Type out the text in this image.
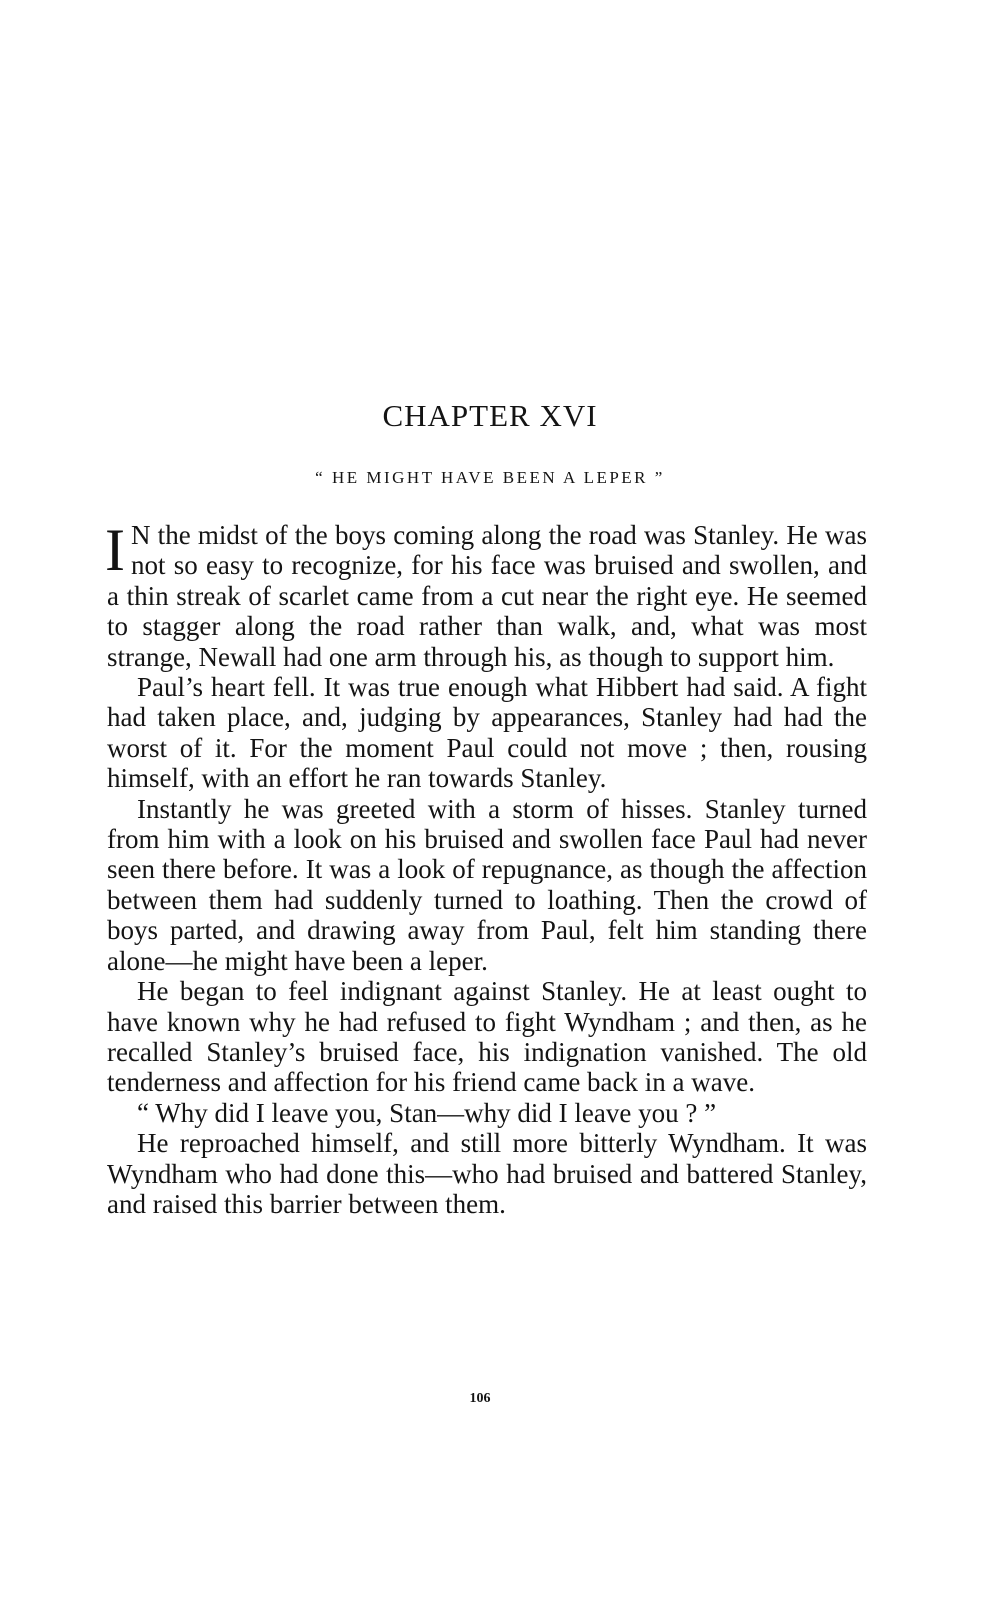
CHAPTER XVI
“ HE MIGHT HAVE BEEN A LEPER ”

I N the midst of the boys coming along the road was Stanley. He was not so easy to recognize, for his face was bruised and swollen, and a thin streak of scarlet came from a cut near the right eye. He seemed to stagger along the road rather than walk, and, what was most strange, Newall had one arm through his, as though to support him.

Paul’s heart fell. It was true enough what Hibbert had said. A fight had taken place, and, judging by appearances, Stanley had had the worst of it. For the moment Paul could not move ; then, rousing himself, with an effort he ran towards Stanley.

Instantly he was greeted with a storm of hisses. Stanley turned from him with a look on his bruised and swollen face Paul had never seen there before. It was a look of repugnance, as though the affection between them had suddenly turned to loathing. Then the crowd of boys parted, and drawing away from Paul, felt him standing there alone—he might have been a leper.

He began to feel indignant against Stanley. He at least ought to have known why he had refused to fight Wyndham ; and then, as he recalled Stanley’s bruised face, his indignation vanished. The old tenderness and affection for his friend came back in a wave.

“ Why did I leave you, Stan—why did I leave you ? ”

He reproached himself, and still more bitterly Wyndham. It was Wyndham who had done this—who had bruised and battered Stanley, and raised this barrier between them.

106
